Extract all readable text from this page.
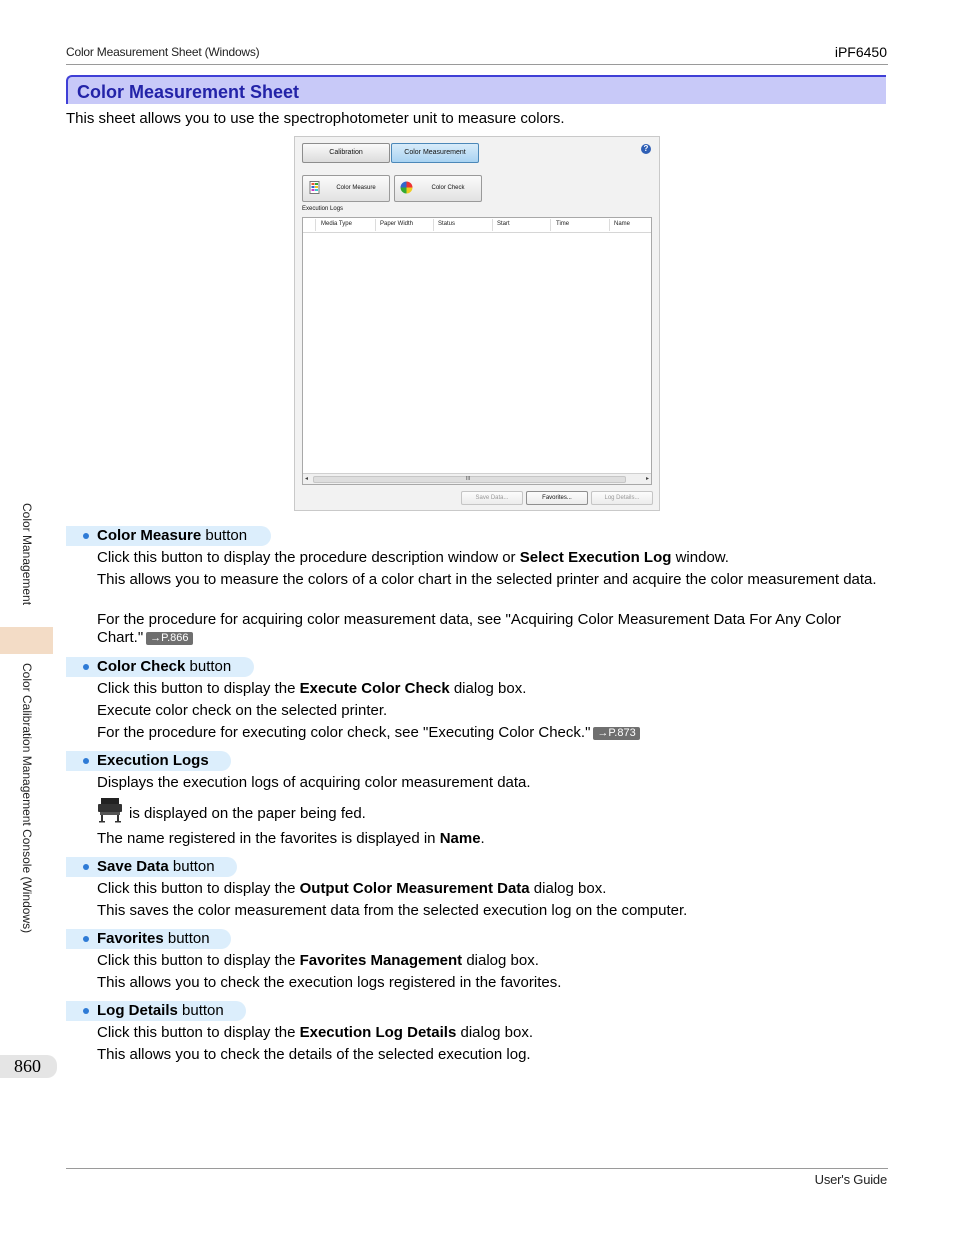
Color Measurement Sheet (Windows)	iPF6450
Color Measurement Sheet
This sheet allows you to use the spectrophotometer unit to measure colors.
Calibration	Color Measurement	?
Color Measure	Color Check
Execution Logs
Media Type	Paper Width	Status	Start	Time	Name
◂	III	▸
Save Data...	Favorites...	Log Details...
Color Measure button
Click this button to display the procedure description window or Select Execution Log window.
This allows you to measure the colors of a color chart in the selected printer and acquire the color measurement data.
For the procedure for acquiring color measurement data, see "Acquiring Color Measurement Data For Any Color Chart." →P.866
Color Check button
Click this button to display the Execute Color Check dialog box.
Execute color check on the selected printer.
For the procedure for executing color check, see "Executing Color Check." →P.873
Execution Logs
Displays the execution logs of acquiring color measurement data.
is displayed on the paper being fed.
The name registered in the favorites is displayed in Name.
Save Data button
Click this button to display the Output Color Measurement Data dialog box.
This saves the color measurement data from the selected execution log on the computer.
Favorites button
Click this button to display the Favorites Management dialog box.
This allows you to check the execution logs registered in the favorites.
Log Details button
Click this button to display the Execution Log Details dialog box.
This allows you to check the details of the selected execution log.
Color Management
Color Calibration Management Console (Windows)
860
User's Guide
